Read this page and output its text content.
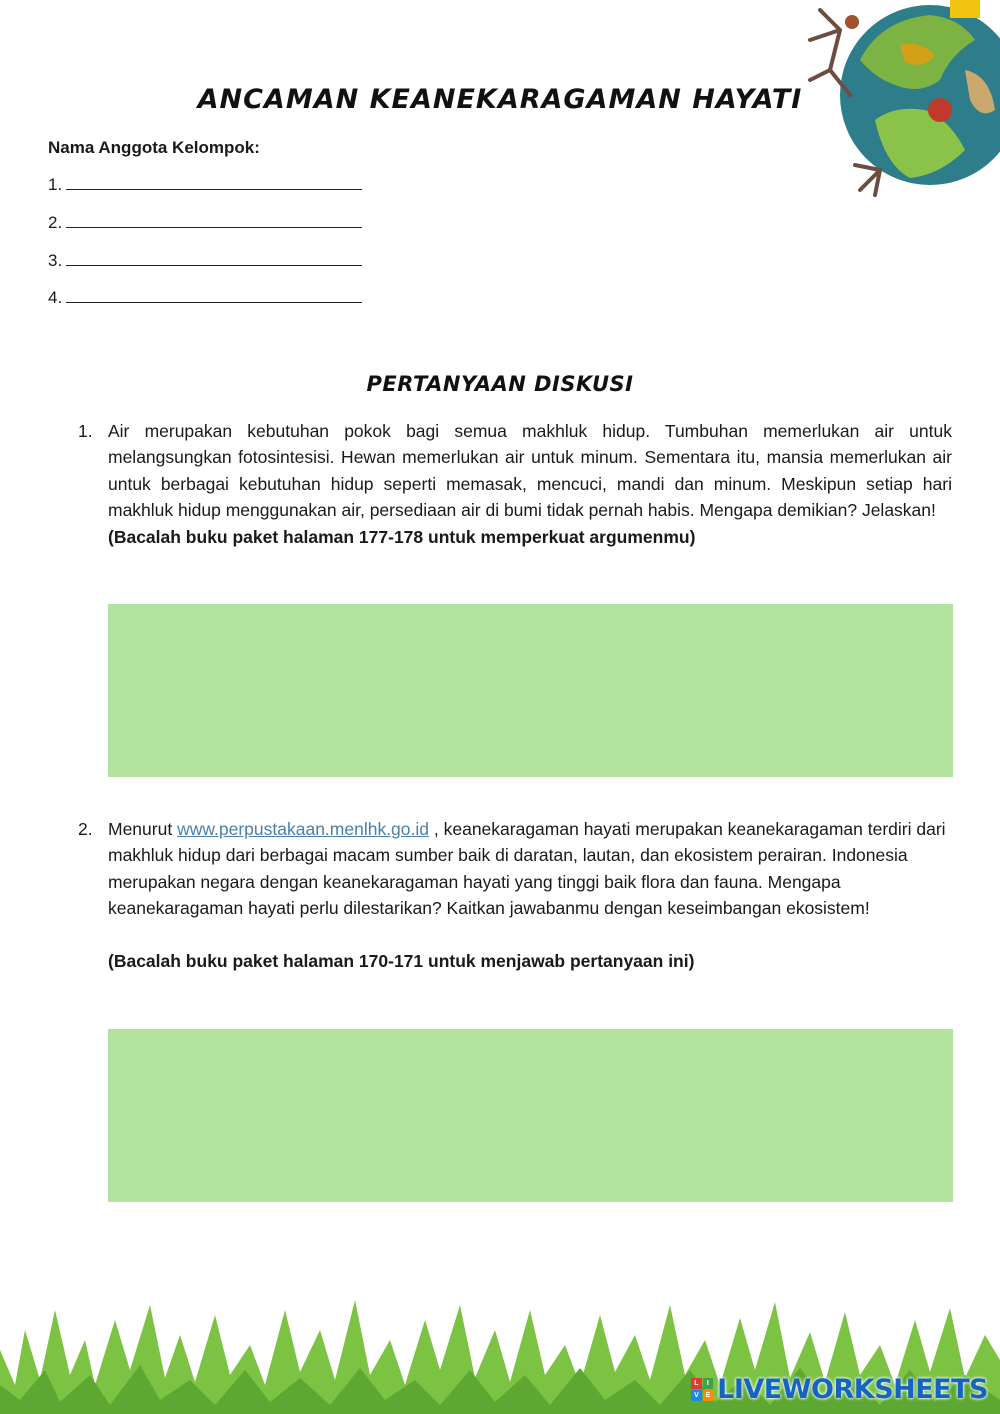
ANCAMAN KEANEKARAGAMAN HAYATI
Nama Anggota Kelompok:
1.
2.
3.
4.
PERTANYAAN DISKUSI
1. Air merupakan kebutuhan pokok bagi semua makhluk hidup. Tumbuhan memerlukan air untuk melangsungkan fotosintesisi. Hewan memerlukan air untuk minum. Sementara itu, mansia memerlukan air untuk berbagai kebutuhan hidup seperti memasak, mencuci, mandi dan minum. Meskipun setiap hari makhluk hidup menggunakan air, persediaan air di bumi tidak pernah habis. Mengapa demikian? Jelaskan!
(Bacalah buku paket halaman 177-178 untuk memperkuat argumenmu)
2. Menurut www.perpustakaan.menlhk.go.id , keanekaragaman hayati merupakan keanekaragaman terdiri dari makhluk hidup dari berbagai macam sumber baik di daratan, lautan, dan ekosistem perairan. Indonesia merupakan negara dengan keanekaragaman hayati yang tinggi baik flora dan fauna. Mengapa keanekaragaman hayati perlu dilestarikan? Kaitkan jawabanmu dengan keseimbangan ekosistem!
(Bacalah buku paket halaman 170-171 untuk menjawab pertanyaan ini)
L	I
V E LIVEWORKSHEETS
